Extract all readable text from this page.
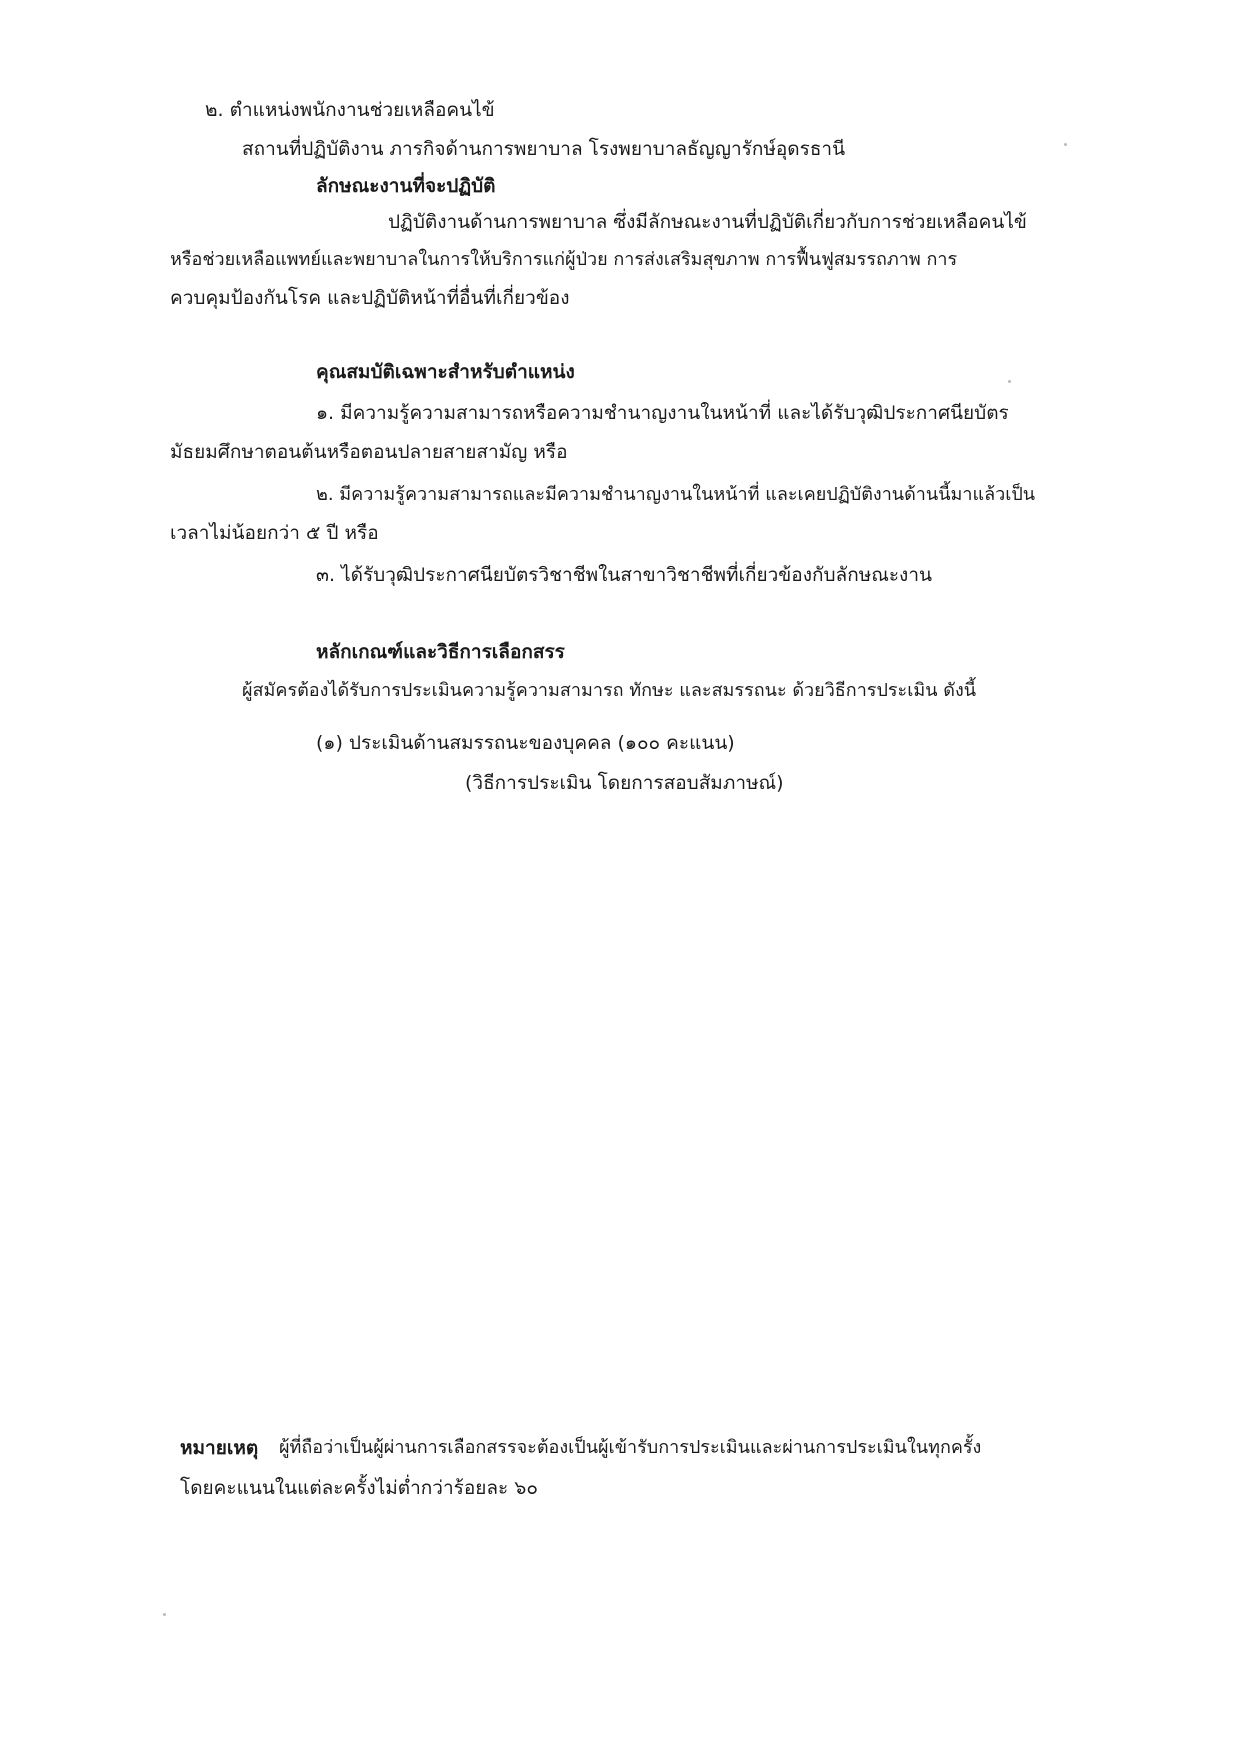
๒. ตำแหน่งพนักงานช่วยเหลือคนไข้
สถานที่ปฏิบัติงาน ภารกิจด้านการพยาบาล โรงพยาบาลธัญญารักษ์อุดรธานี
ลักษณะงานที่จะปฏิบัติ
ปฏิบัติงานด้านการพยาบาล ซึ่งมีลักษณะงานที่ปฏิบัติเกี่ยวกับการช่วยเหลือคนไข้
หรือช่วยเหลือแพทย์และพยาบาลในการให้บริการแก่ผู้ป่วย การส่งเสริมสุขภาพ การฟื้นฟูสมรรถภาพ การ
ควบคุมป้องกันโรค และปฏิบัติหน้าที่อื่นที่เกี่ยวข้อง
คุณสมบัติเฉพาะสำหรับตำแหน่ง
๑. มีความรู้ความสามารถหรือความชำนาญงานในหน้าที่ และได้รับวุฒิประกาศนียบัตร
มัธยมศึกษาตอนต้นหรือตอนปลายสายสามัญ หรือ
๒. มีความรู้ความสามารถและมีความชำนาญงานในหน้าที่ และเคยปฏิบัติงานด้านนี้มาแล้วเป็น
เวลาไม่น้อยกว่า ๕ ปี หรือ
๓. ได้รับวุฒิประกาศนียบัตรวิชาชีพในสาขาวิชาชีพที่เกี่ยวข้องกับลักษณะงาน
หลักเกณฑ์และวิธีการเลือกสรร
ผู้สมัครต้องได้รับการประเมินความรู้ความสามารถ ทักษะ และสมรรถนะ ด้วยวิธีการประเมิน ดังนี้
(๑) ประเมินด้านสมรรถนะของบุคคล (๑๐๐ คะแนน)
(วิธีการประเมิน โดยการสอบสัมภาษณ์)
หมายเหตุ ผู้ที่ถือว่าเป็นผู้ผ่านการเลือกสรรจะต้องเป็นผู้เข้ารับการประเมินและผ่านการประเมินในทุกครั้ง
โดยคะแนนในแต่ละครั้งไม่ต่ำกว่าร้อยละ ๖๐
